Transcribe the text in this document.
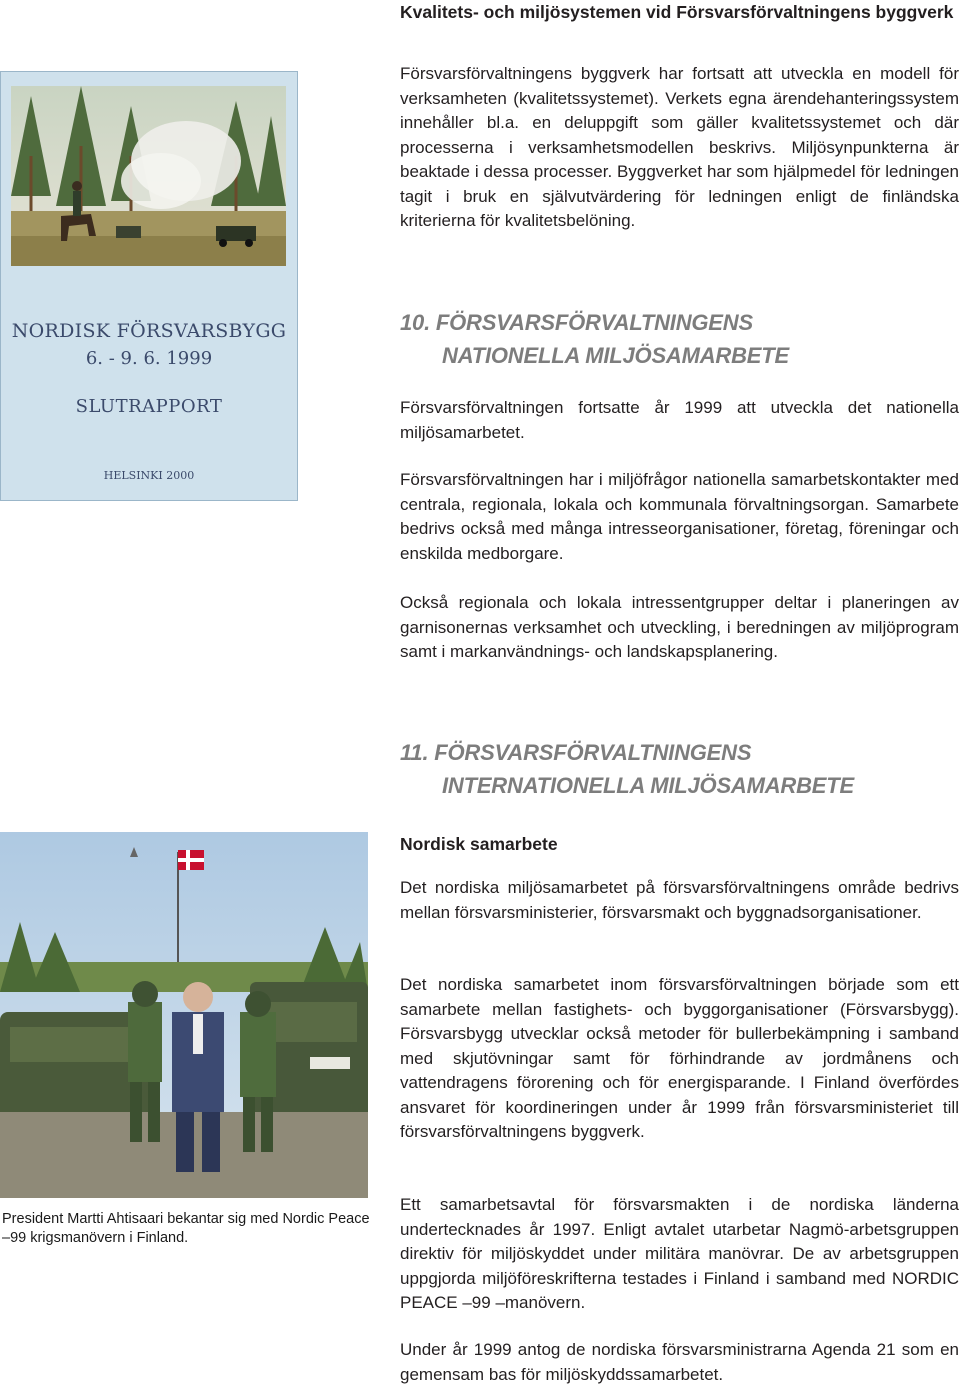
Kvalitets- och miljösystemen vid Försvarsförvaltningens byggverk

Försvarsförvaltningens byggverk har fortsatt att utveckla en modell för verksamheten (kvalitetssystemet). Verkets egna ärendehanteringssystem innehåller bl.a. en deluppgift som gäller kvalitetssystemet och där processerna i verksamhetsmodellen beskrivs. Miljösynpunkterna är beaktade i dessa processer. Byggverket har som hjälpmedel för ledningen tagit i bruk en självutvärdering för ledningen enligt de finländska kriterierna för kvalitetsbelöning.

NORDISK FÖRSVARSBYGG
6. - 9. 6. 1999
SLUTRAPPORT
HELSINKI 2000
10. FÖRSVARSFÖRVALTNINGENS
NATIONELLA MILJÖSAMARBETE

Försvarsförvaltningen fortsatte år 1999 att utveckla det nationella miljösamarbetet.

Försvarsförvaltningen har i miljöfrågor nationella samarbetskontakter med centrala, regionala, lokala och kommunala förvaltningsorgan. Samarbete bedrivs också med många intresseorganisationer, företag, föreningar och enskilda medborgare.

Också regionala och lokala intressentgrupper deltar i planeringen av garnisonernas verksamhet och utveckling, i beredningen av miljöprogram samt i markanvändnings- och landskapsplanering.

11. FÖRSVARSFÖRVALTNINGENS
INTERNATIONELLA MILJÖSAMARBETE
Nordisk samarbete

Det nordiska miljösamarbetet på försvarsförvaltningens område bedrivs mellan försvarsministerier, försvarsmakt och byggnadsorganisationer.

Det nordiska samarbetet inom försvarsförvaltningen började som ett samarbete mellan fastighets- och byggorganisationer (Försvarsbygg). Försvarsbygg utvecklar också metoder för bullerbekämpning i samband med skjutövningar samt för förhindrande av jordmånens och vattendragens förorening och för energisparande. I Finland överfördes ansvaret för koordineringen under år 1999 från försvarsministeriet till försvarsförvaltningens byggverk.

Ett samarbetsavtal för försvarsmakten i de nordiska länderna undertecknades år 1997. Enligt avtalet utarbetar Nagmö-arbetsgruppen direktiv för miljöskyddet under militära manövrar. De av arbetsgruppen uppgjorda miljöföreskrifterna testades i Finland i samband med NORDIC PEACE –99 –manövern.

Under år 1999 antog de nordiska försvarsministrarna Agenda 21 som en gemensam bas för miljöskyddssamarbetet.

President Martti Ahtisaari bekantar sig med Nordic Peace –99 krigsmanövern i Finland.
